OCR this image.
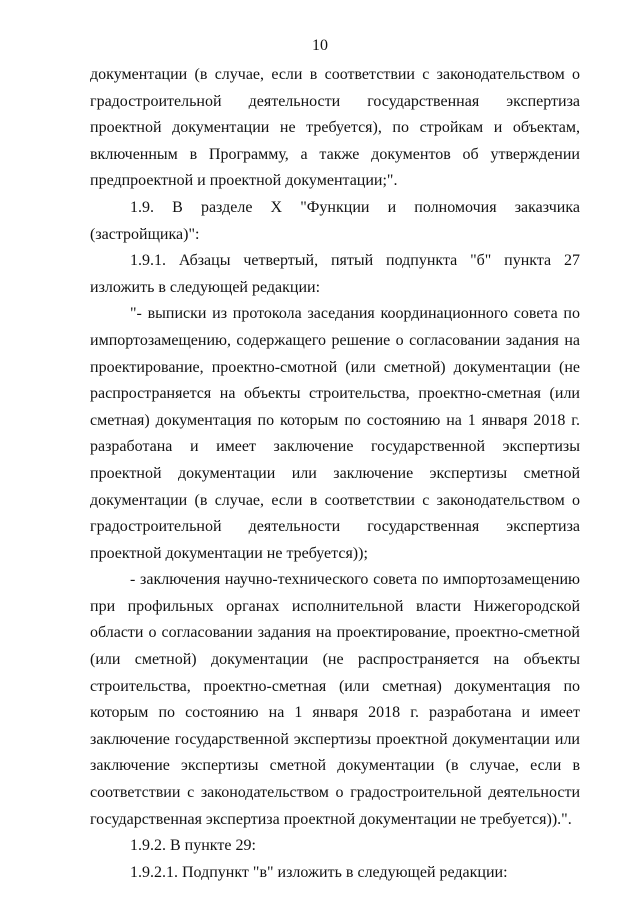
10

документации (в случае, если в соответствии с законодательством о градостроительной деятельности государственная экспертиза проектной документации не требуется), по стройкам и объектам, включенным в Программу, а также документов об утверждении предпроектной и проектной документации;".

1.9. В разделе X "Функции и полномочия заказчика (застройщика)":

1.9.1. Абзацы четвертый, пятый подпункта "б" пункта 27 изложить в следующей редакции:

"- выписки из протокола заседания координационного совета по импортозамещению, содержащего решение о согласовании задания на проектирование, проектно-смотной (или сметной) документации (не распространяется на объекты строительства, проектно-сметная (или сметная) документация по которым по состоянию на 1 января 2018 г. разработана и имеет заключение государственной экспертизы проектной документации или заключение экспертизы сметной документации (в случае, если в соответствии с законодательством о градостроительной деятельности государственная экспертиза проектной документации не требуется));

- заключения научно-технического совета по импортозамещению при профильных органах исполнительной власти Нижегородской области о согласовании задания на проектирование, проектно-сметной (или сметной) документации (не распространяется на объекты строительства, проектно-сметная (или сметная) документация по которым по состоянию на 1 января 2018 г. разработана и имеет заключение государственной экспертизы проектной документации или заключение экспертизы сметной документации (в случае, если в соответствии с законодательством о градостроительной деятельности государственная экспертиза проектной документации не требуется)).".

1.9.2. В пункте 29:

1.9.2.1. Подпункт "в" изложить в следующей редакции:
